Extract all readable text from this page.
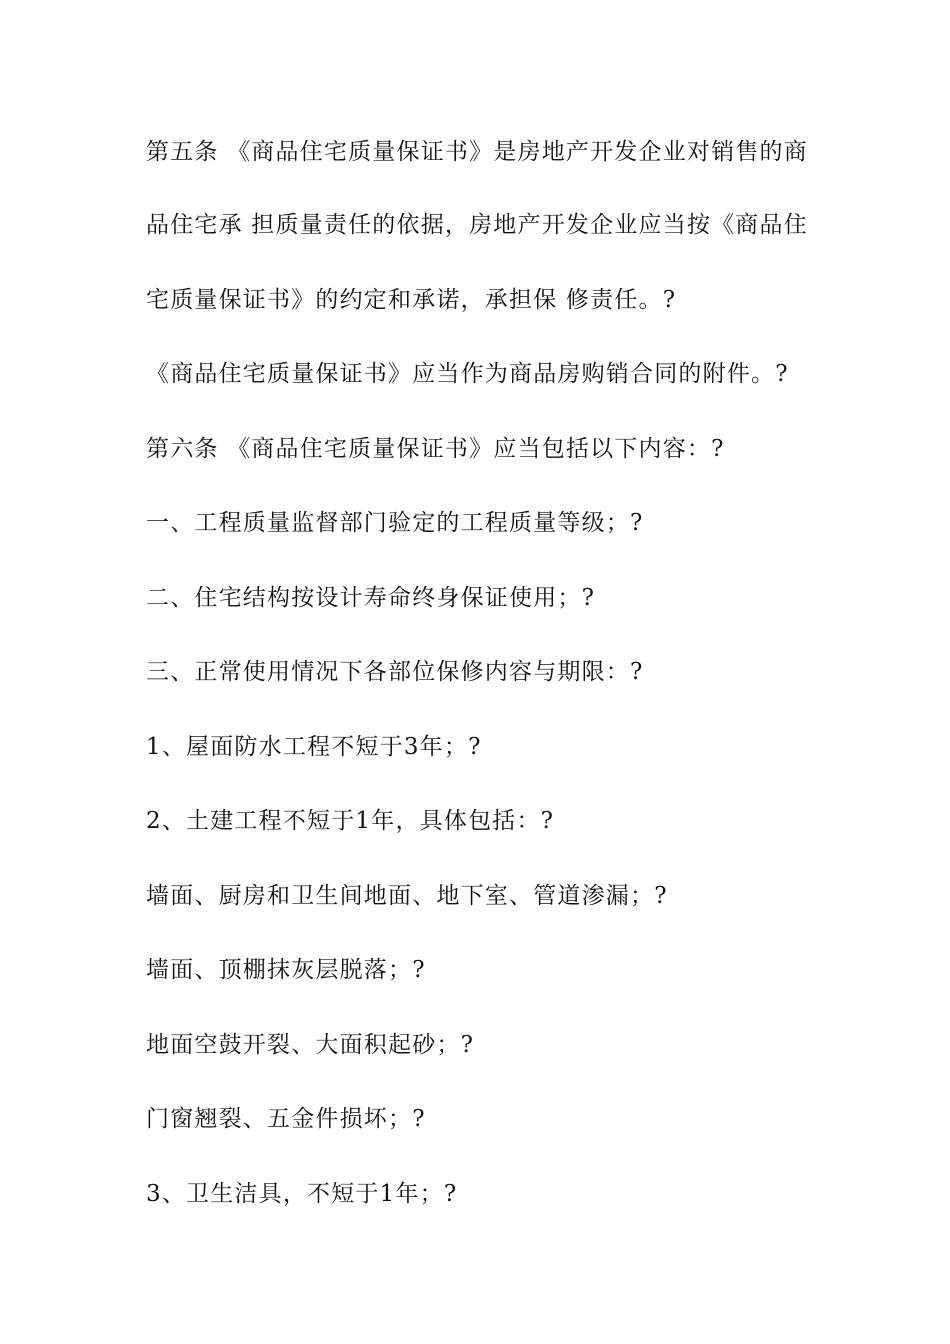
第五条 《商品住宅质量保证书》是房地产开发企业对销售的商
品住宅承 担质量责任的依据，房地产开发企业应当按《商品住
宅质量保证书》的约定和承诺，承担保 修责任。?
《商品住宅质量保证书》应当作为商品房购销合同的附件。?
第六条 《商品住宅质量保证书》应当包括以下内容：?
一、工程质量监督部门验定的工程质量等级；?
二、住宅结构按设计寿命终身保证使用；?
三、正常使用情况下各部位保修内容与期限：?
1、屋面防水工程不短于3年；?
2、土建工程不短于1年，具体包括：?
墙面、厨房和卫生间地面、地下室、管道渗漏；?
墙面、顶棚抹灰层脱落；?
地面空鼓开裂、大面积起砂；?
门窗翘裂、五金件损坏；?
3、卫生洁具，不短于1年；?
